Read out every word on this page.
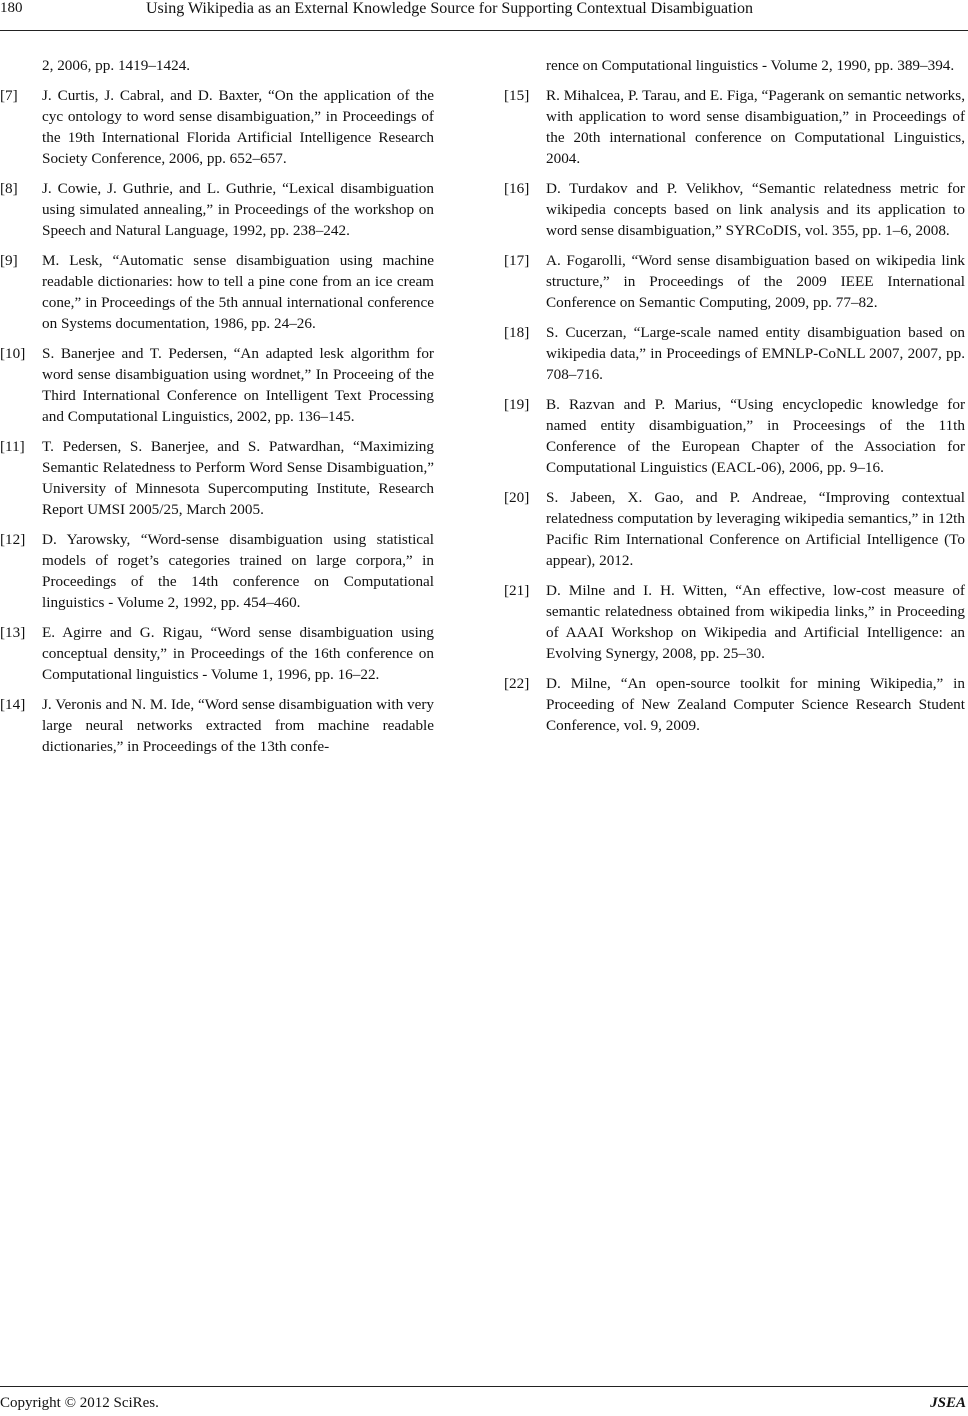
180	Using Wikipedia as an External Knowledge Source for Supporting Contextual Disambiguation
2, 2006, pp. 1419–1424.
[7]	J. Curtis, J. Cabral, and D. Baxter, “On the application of the cyc ontology to word sense disambiguation,” in Proceedings of the 19th International Florida Artificial Intelligence Research Society Conference, 2006, pp. 652–657.
[8]	J. Cowie, J. Guthrie, and L. Guthrie, “Lexical disambiguation using simulated annealing,” in Proceedings of the workshop on Speech and Natural Language, 1992, pp. 238–242.
[9]	M. Lesk, “Automatic sense disambiguation using machine readable dictionaries: how to tell a pine cone from an ice cream cone,” in Proceedings of the 5th annual international conference on Systems documentation, 1986, pp. 24–26.
[10]	S. Banerjee and T. Pedersen, “An adapted lesk algorithm for word sense disambiguation using wordnet,” In Proceeing of the Third International Conference on Intelligent Text Processing and Computational Linguistics, 2002, pp. 136–145.
[11]	T. Pedersen, S. Banerjee, and S. Patwardhan, “Maximizing Semantic Relatedness to Perform Word Sense Disambiguation,” University of Minnesota Supercomputing Institute, Research Report UMSI 2005/25, March 2005.
[12]	D. Yarowsky, “Word-sense disambiguation using statistical models of roget’s categories trained on large corpora,” in Proceedings of the 14th conference on Computational linguistics - Volume 2, 1992, pp. 454–460.
[13]	E. Agirre and G. Rigau, “Word sense disambiguation using conceptual density,” in Proceedings of the 16th conference on Computational linguistics - Volume 1, 1996, pp. 16–22.
[14]	J. Veronis and N. M. Ide, “Word sense disambiguation with very large neural networks extracted from machine readable dictionaries,” in Proceedings of the 13th confe-
rence on Computational linguistics - Volume 2, 1990, pp. 389–394.
[15]	R. Mihalcea, P. Tarau, and E. Figa, “Pagerank on semantic networks, with application to word sense disambiguation,” in Proceedings of the 20th international conference on Computational Linguistics, 2004.
[16]	D. Turdakov and P. Velikhov, “Semantic relatedness metric for wikipedia concepts based on link analysis and its application to word sense disambiguation,” SYRCoDIS, vol. 355, pp. 1–6, 2008.
[17]	A. Fogarolli, “Word sense disambiguation based on wikipedia link structure,” in Proceedings of the 2009 IEEE International Conference on Semantic Computing, 2009, pp. 77–82.
[18]	S. Cucerzan, “Large-scale named entity disambiguation based on wikipedia data,” in Proceedings of EMNLP-CoNLL 2007, 2007, pp. 708–716.
[19]	B. Razvan and P. Marius, “Using encyclopedic knowledge for named entity disambiguation,” in Proceesings of the 11th Conference of the European Chapter of the Association for Computational Linguistics (EACL-06), 2006, pp. 9–16.
[20]	S. Jabeen, X. Gao, and P. Andreae, “Improving contextual relatedness computation by leveraging wikipedia semantics,” in 12th Pacific Rim International Conference on Artificial Intelligence (To appear), 2012.
[21]	D. Milne and I. H. Witten, “An effective, low-cost measure of semantic relatedness obtained from wikipedia links,” in Proceeding of AAAI Workshop on Wikipedia and Artificial Intelligence: an Evolving Synergy, 2008, pp. 25–30.
[22]	D. Milne, “An open-source toolkit for mining Wikipedia,” in Proceeding of New Zealand Computer Science Research Student Conference, vol. 9, 2009.
Copyright © 2012 SciRes.	JSEA
